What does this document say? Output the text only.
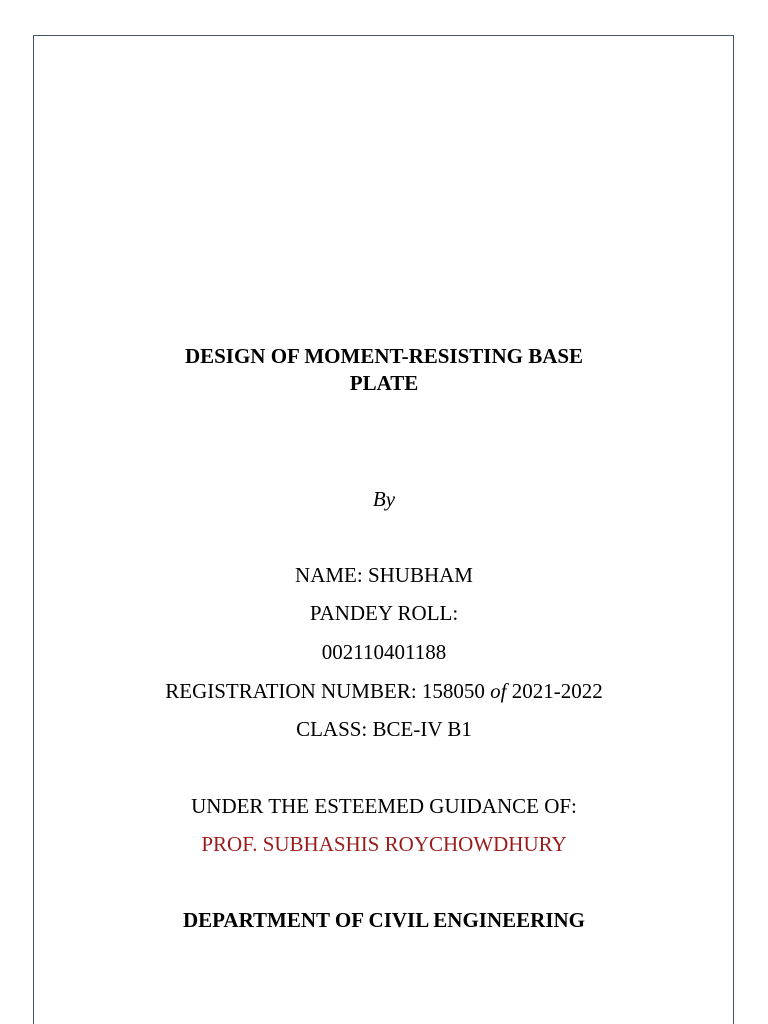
DESIGN OF MOMENT-RESISTING BASE
PLATE
By
NAME: SHUBHAM
PANDEY ROLL:
002110401188
REGISTRATION NUMBER: 158050 of 2021-2022
CLASS: BCE-IV B1
UNDER THE ESTEEMED GUIDANCE OF:
PROF. SUBHASHIS ROYCHOWDHURY
DEPARTMENT OF CIVIL ENGINEERING
